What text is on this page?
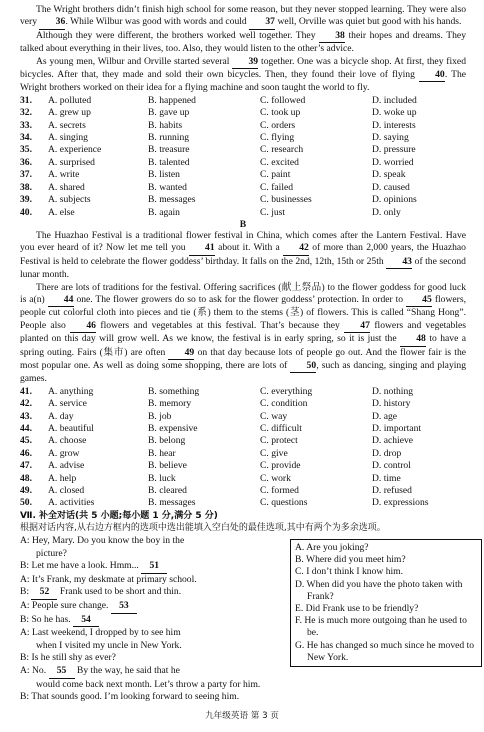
The Wright brothers didn’t finish high school for some reason, but they never stopped learning. They were also very 36. While Wilbur was good with words and could 37 well, Orville was quiet but good with his hands.

Although they were different, the brothers worked well together. They 38 their hopes and dreams. They talked about everything in their lives, too. Also, they would listen to the other’s advice.

As young men, Wilbur and Orville started several 39 together. One was a bicycle shop. At first, they fixed bicycles. After that, they made and sold their own bicycles. Then, they found their love of flying 40. The Wright brothers worked on their idea for a flying machine and soon taught the world to fly.

31.	A. polluted	B. happened	C. followed	D. included
32.	A. grew up	B. gave up	C. took up	D. woke up
33.	A. secrets	B. habits	C. orders	D. interests
34.	A. singing	B. running	C. flying	D. saying
35.	A. experience	B. treasure	C. research	D. pressure
36.	A. surprised	B. talented	C. excited	D. worried
37.	A. write	B. listen	C. paint	D. speak
38.	A. shared	B. wanted	C. failed	D. caused
39.	A. subjects	B. messages	C. businesses	D. opinions
40.	A. else	B. again	C. just	D. only
B

The Huazhao Festival is a traditional flower festival in China, which comes after the Lantern Festival. Have you ever heard of it? Now let me tell you 41 about it. With a 42 of more than 2,000 years, the Huazhao Festival is held to celebrate the flower goddess’ birthday. It falls on the 2nd, 12th, 15th or 25th 43 of the second lunar month.

There are lots of traditions for the festival. Offering sacrifices (献上祭品) to the flower goddess for good luck is a(n) 44 one. The flower growers do so to ask for the flower goddess’ protection. In order to 45 flowers, people cut colorful cloth into pieces and tie (系) them to the stems (茎) of flowers. This is called “Shang Hong”. People also 46 flowers and vegetables at this festival. That’s because they 47 flowers and vegetables planted on this day will grow well. As we know, the festival is in early spring, so it is just the 48 to have a spring outing. Fairs (集市) are often 49 on that day because lots of people go out. And the flower fair is the most popular one. As well as doing some shopping, there are lots of 50, such as dancing, singing and playing games.

41.	A. anything	B. something	C. everything	D. nothing
42.	A. service	B. memory	C. condition	D. history
43.	A. day	B. job	C. way	D. age
44.	A. beautiful	B. expensive	C. difficult	D. important
45.	A. choose	B. belong	C. protect	D. achieve
46.	A. grow	B. hear	C. give	D. drop
47.	A. advise	B. believe	C. provide	D. control
48.	A. help	B. luck	C. work	D. time
49.	A. closed	B. cleared	C. formed	D. refused
50.	A. activities	B. messages	C. questions	D. expressions
Ⅶ. 补全对话(共 5 小题;每小题 1 分,满分 5 分)
根据对话内容,从右边方框内的选项中选出能填入空白处的最佳选项,其中有两个为多余选项。
A: Hey, Mary. Do you know the boy in the
picture?
B: Let me have a look. Hmm... 51
A: It’s Frank, my deskmate at primary school.
B: 52 Frank used to be short and thin.
A: People sure change. 53
B: So he has. 54
A: Last weekend, I dropped by to see him
when I visited my uncle in New York.
B: Is he still shy as ever?
A: No. 55 By the way, he said that he
would come back next month. Let’s throw a party for him.
B: That sounds good. I’m looking forward to seeing him.
A. Are you joking?
B. Where did you meet him?
C. I don’t think I know him.
D. When did you have the photo taken with Frank?
E. Did Frank use to be friendly?
F. He is much more outgoing than he used to be.
G. He has changed so much since he moved to New York.
九年级英语 第 3 页
